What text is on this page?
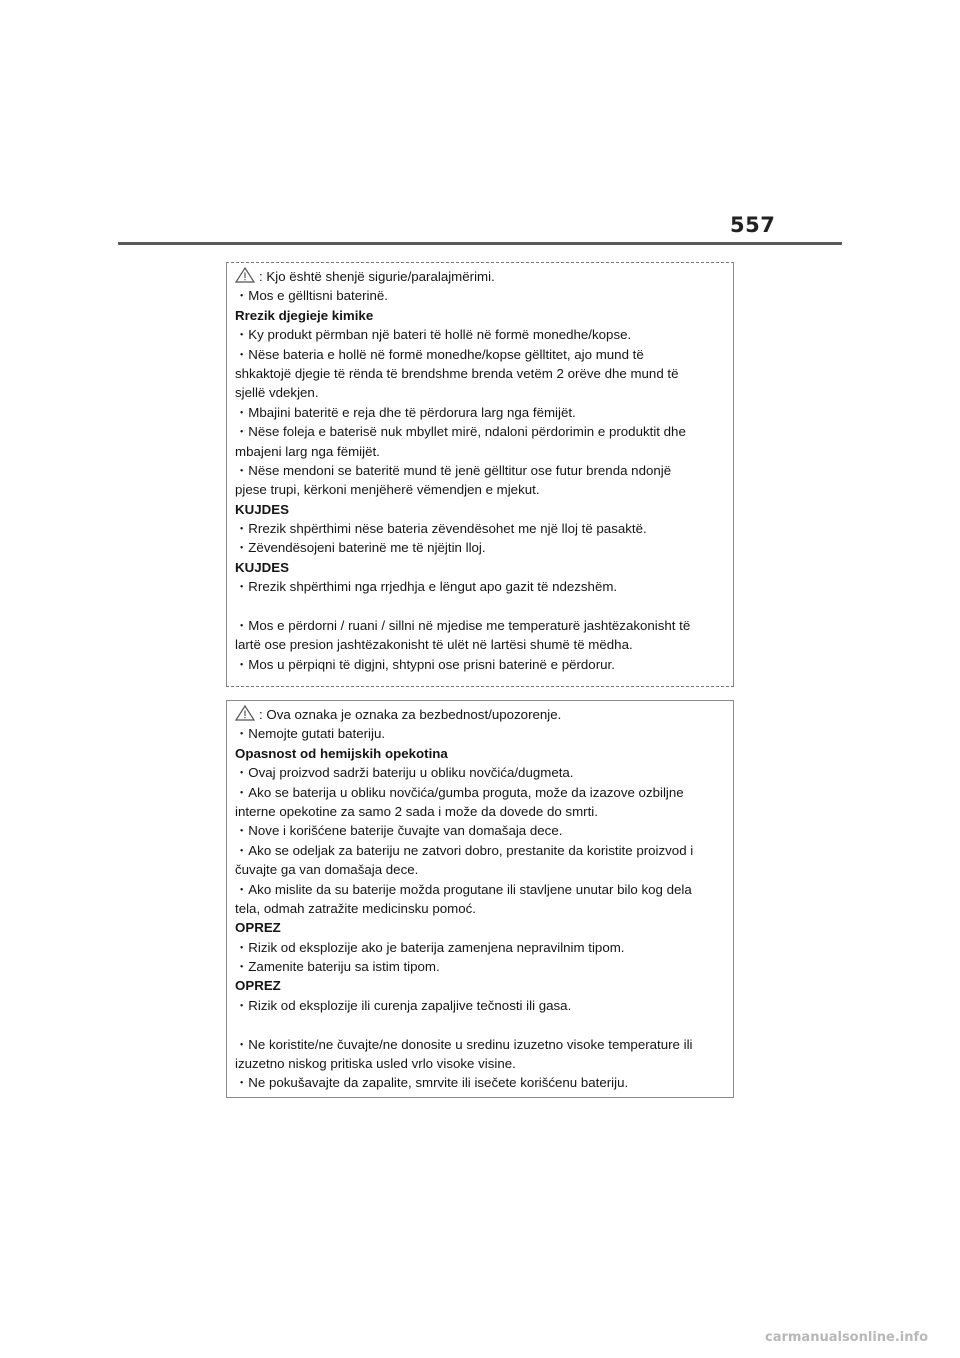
557
: Kjo është shenjë sigurie/paralajmërimi.
・Mos e gëlltisni baterinë.
Rrezik djegieje kimike
・Ky produkt përmban një bateri të hollë në formë monedhe/kopse.
・Nëse bateria e hollë në formë monedhe/kopse gëlltitet, ajo mund të
shkaktojë djegie të rënda të brendshme brenda vetëm 2 orëve dhe mund të
sjellë vdekjen.
・Mbajini bateritë e reja dhe të përdorura larg nga fëmijët.
・Nëse foleja e baterisë nuk mbyllet mirë, ndaloni përdorimin e produktit dhe
mbajeni larg nga fëmijët.
・Nëse mendoni se bateritë mund të jenë gëlltitur ose futur brenda ndonjë
pjese trupi, kërkoni menjëherë vëmendjen e mjekut.
KUJDES
・Rrezik shpërthimi nëse bateria zëvendësohet me një lloj të pasaktë.
・Zëvendësojeni baterinë me të njëjtin lloj.
KUJDES
・Rrezik shpërthimi nga rrjedhja e lëngut apo gazit të ndezshëm.
・Mos e përdorni / ruani / sillni në mjedise me temperaturë jashtëzakonisht të
lartë ose presion jashtëzakonisht të ulët në lartësi shumë të mëdha.
・Mos u përpiqni të digjni, shtypni ose prisni baterinë e përdorur.
: Ova oznaka je oznaka za bezbednost/upozorenje.
・Nemojte gutati bateriju.
Opasnost od hemijskih opekotina
・Ovaj proizvod sadrži bateriju u obliku novčića/dugmeta.
・Ako se baterija u obliku novčića/gumba proguta, može da izazove ozbiljne
interne opekotine za samo 2 sada i može da dovede do smrti.
・Nove i korišćene baterije čuvajte van domašaja dece.
・Ako se odeljak za bateriju ne zatvori dobro, prestanite da koristite proizvod i
čuvajte ga van domašaja dece.
・Ako mislite da su baterije možda progutane ili stavljene unutar bilo kog dela
tela, odmah zatražite medicinsku pomoć.
OPREZ
・Rizik od eksplozije ako je baterija zamenjena nepravilnim tipom.
・Zamenite bateriju sa istim tipom.
OPREZ
・Rizik od eksplozije ili curenja zapaljive tečnosti ili gasa.
・Ne koristite/ne čuvajte/ne donosite u sredinu izuzetno visoke temperature ili
izuzetno niskog pritiska usled vrlo visoke visine.
・Ne pokušavajte da zapalite, smrvite ili isečete korišćenu bateriju.
carmanualsonline.info
